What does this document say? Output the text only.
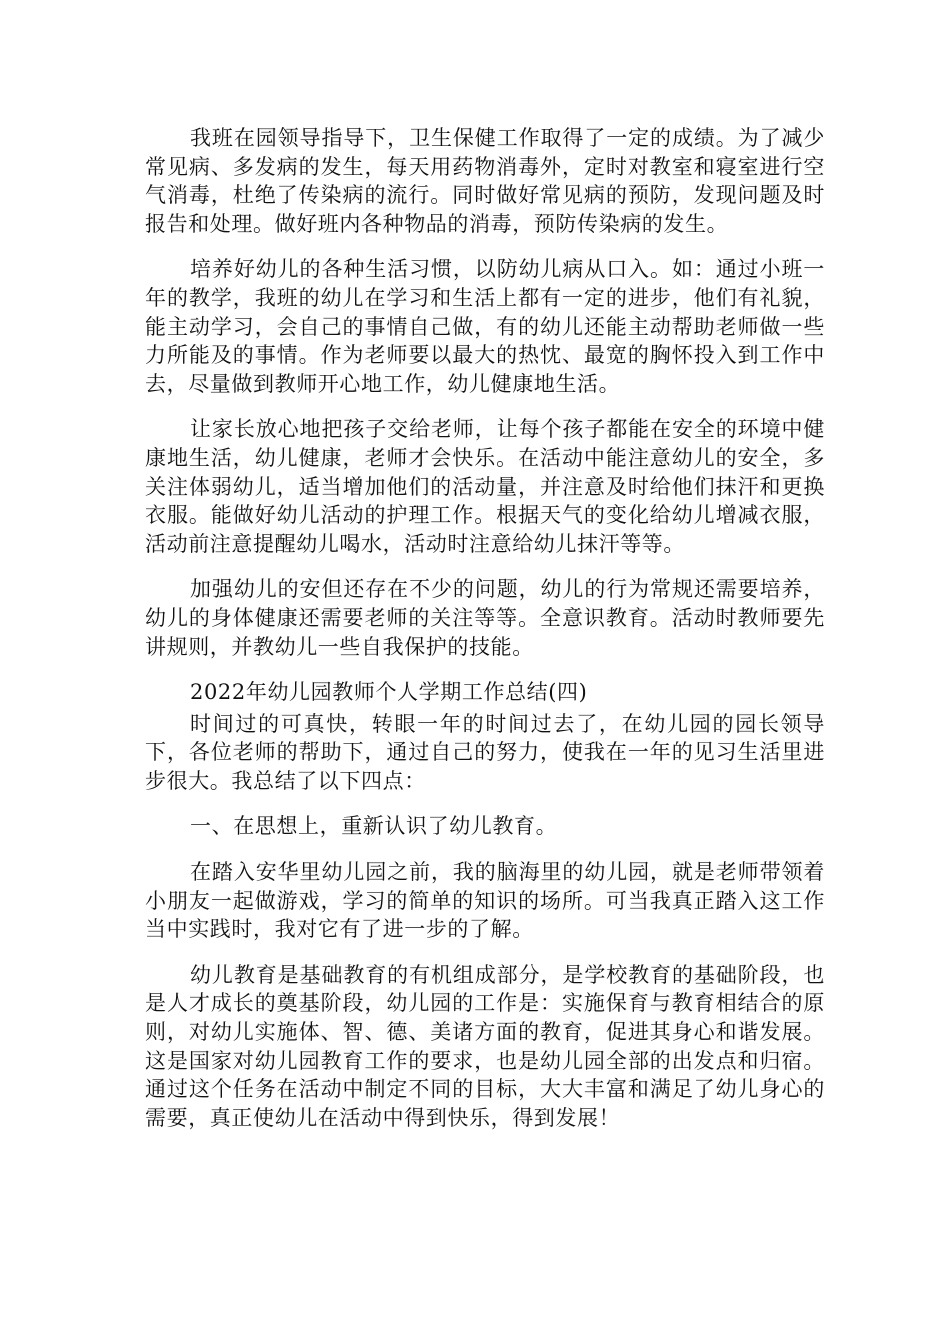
我班在园领导指导下，卫生保健工作取得了一定的成绩。为了减少常见病、多发病的发生，每天用药物消毒外，定时对教室和寝室进行空气消毒，杜绝了传染病的流行。同时做好常见病的预防，发现问题及时报告和处理。做好班内各种物品的消毒，预防传染病的发生。

培养好幼儿的各种生活习惯，以防幼儿病从口入。如：通过小班一年的教学，我班的幼儿在学习和生活上都有一定的进步，他们有礼貌，能主动学习，会自己的事情自己做，有的幼儿还能主动帮助老师做一些力所能及的事情。作为老师要以最大的热忱、最宽的胸怀投入到工作中去，尽量做到教师开心地工作，幼儿健康地生活。

让家长放心地把孩子交给老师，让每个孩子都能在安全的环境中健康地生活，幼儿健康，老师才会快乐。在活动中能注意幼儿的安全，多关注体弱幼儿，适当增加他们的活动量，并注意及时给他们抹汗和更换衣服。能做好幼儿活动的护理工作。根据天气的变化给幼儿增减衣服，活动前注意提醒幼儿喝水，活动时注意给幼儿抹汗等等。

加强幼儿的安但还存在不少的问题，幼儿的行为常规还需要培养，幼儿的身体健康还需要老师的关注等等。全意识教育。活动时教师要先讲规则，并教幼儿一些自我保护的技能。

2022年幼儿园教师个人学期工作总结(四)

时间过的可真快，转眼一年的时间过去了，在幼儿园的园长领导下，各位老师的帮助下，通过自己的努力，使我在一年的见习生活里进步很大。我总结了以下四点：

一、在思想上，重新认识了幼儿教育。

在踏入安华里幼儿园之前，我的脑海里的幼儿园，就是老师带领着小朋友一起做游戏，学习的简单的知识的场所。可当我真正踏入这工作当中实践时，我对它有了进一步的了解。

幼儿教育是基础教育的有机组成部分，是学校教育的基础阶段，也是人才成长的奠基阶段，幼儿园的工作是：实施保育与教育相结合的原则，对幼儿实施体、智、德、美诸方面的教育，促进其身心和谐发展。这是国家对幼儿园教育工作的要求，也是幼儿园全部的出发点和归宿。通过这个任务在活动中制定不同的目标，大大丰富和满足了幼儿身心的需要，真正使幼儿在活动中得到快乐，得到发展！
